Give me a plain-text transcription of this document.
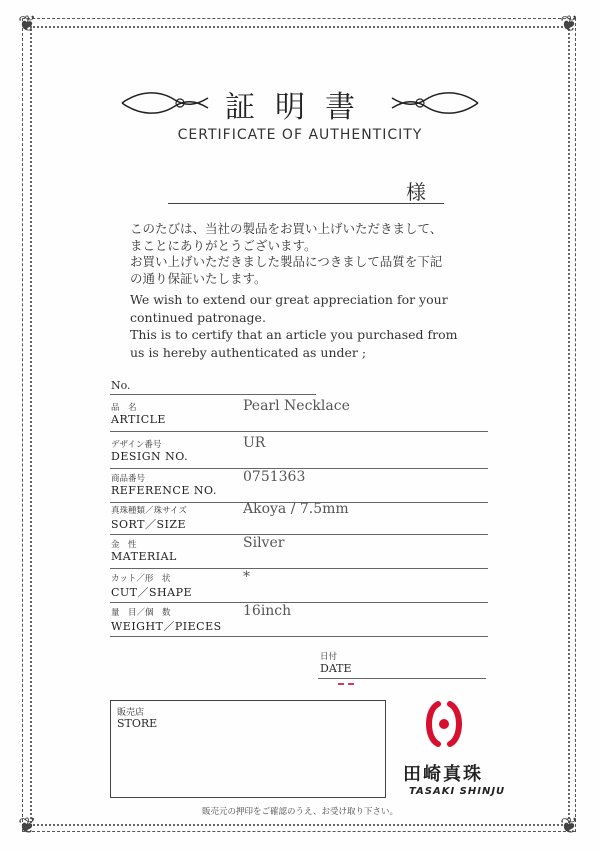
❦	❦
❦	❦
証明書
CERTIFICATE OF AUTHENTICITY
様
このたびは、当社の製品をお買い上げいただきまして、
まことにありがとうございます。
お買い上げいただきました製品につきまして品質を下記
の通り保証いたします。
We wish to extend our great appreciation for your
continued patronage.
This is to certify that an article you purchased from
us is hereby authenticated as under ;
No.
品　名
ARTICLE
Pearl Necklace
デザイン番号
DESIGN NO.
UR
商品番号
REFERENCE NO.
0751363
真珠種類／珠サイズ
SORT／SIZE
Akoya / 7.5mm
金　性
MATERIAL
Silver
カット／形　状
CUT／SHAPE
*
量　目／個　数
WEIGHT／PIECES
16inch
日付
DATE
販売店
STORE
田崎真珠
TASAKI SHINJU
販売元の押印をご確認のうえ、お受け取り下さい。
